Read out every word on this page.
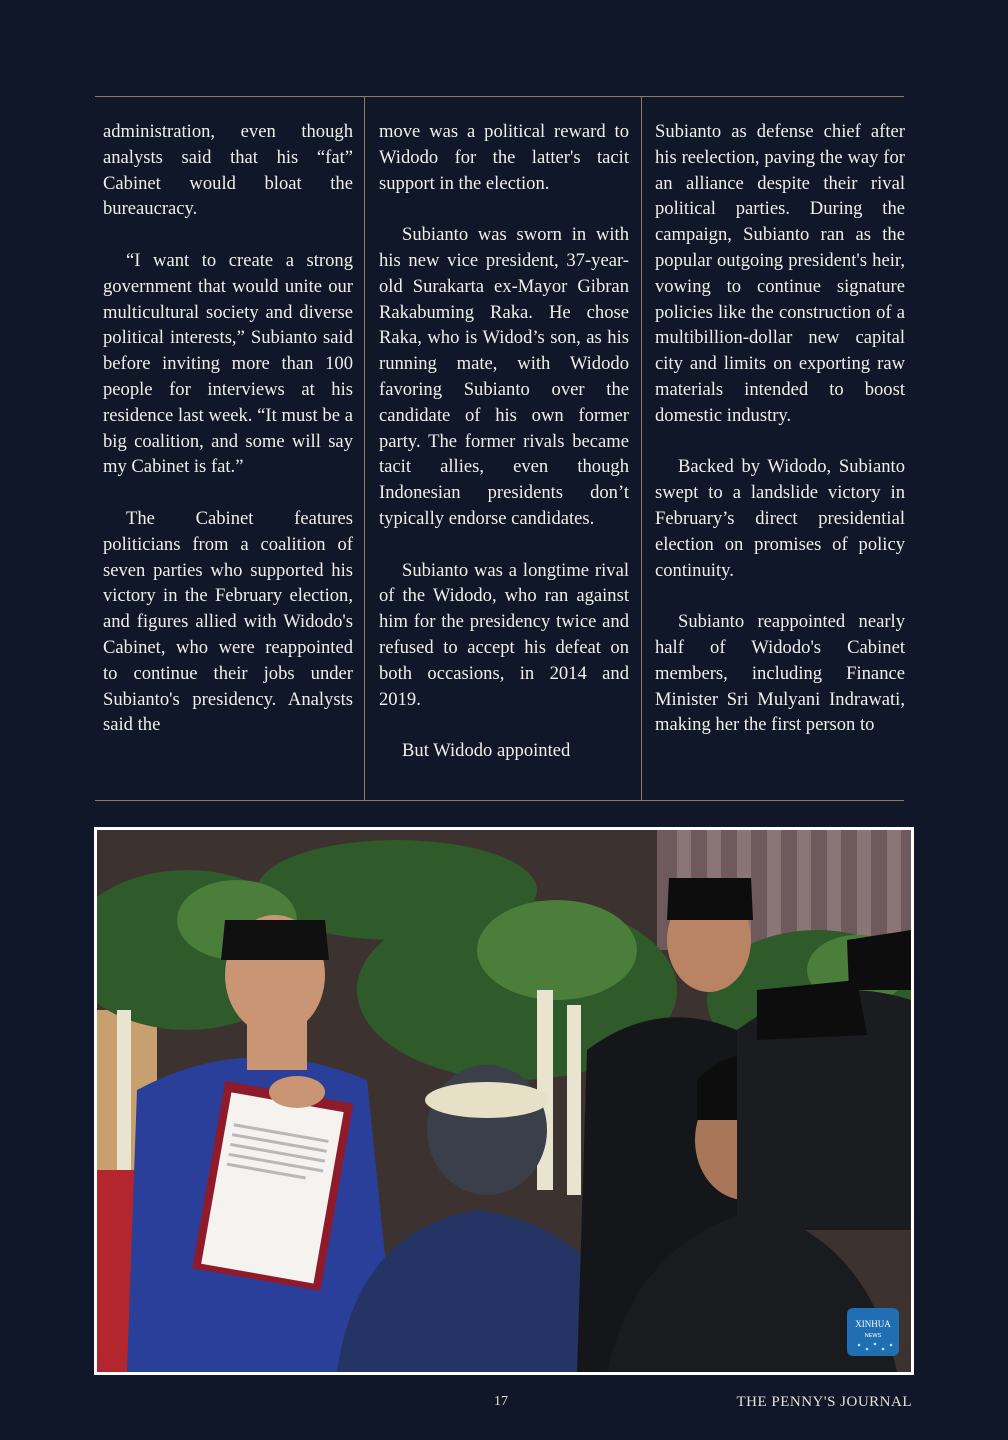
administration, even though analysts said that his “fat” Cabinet would bloat the bureaucracy.

“I want to create a strong government that would unite our multicultural society and diverse political interests,” Subianto said before inviting more than 100 people for interviews at his residence last week. “It must be a big coalition, and some will say my Cabinet is fat.”

The Cabinet features politicians from a coalition of seven parties who supported his victory in the February election, and figures allied with Widodo's Cabinet, who were reappointed to continue their jobs under Subianto's presidency. Analysts said the

move was a political reward to Widodo for the latter's tacit support in the election.

Subianto was sworn in with his new vice president, 37-year-old Surakarta ex-Mayor Gibran Rakabuming Raka. He chose Raka, who is Widod’s son, as his running mate, with Widodo favoring Subianto over the candidate of his own former party. The former rivals became tacit allies, even though Indonesian presidents don’t typically endorse candidates.

Subianto was a longtime rival of the Widodo, who ran against him for the presidency twice and refused to accept his defeat on both occasions, in 2014 and 2019.

But Widodo appointed

Subianto as defense chief after his reelection, paving the way for an alliance despite their rival political parties. During the campaign, Subianto ran as the popular outgoing president's heir, vowing to continue signature policies like the construction of a multibillion-dollar new capital city and limits on exporting raw materials intended to boost domestic industry.

Backed by Widodo, Subianto swept to a landslide victory in February’s direct presidential election on promises of policy continuity.

Subianto reappointed nearly half of Widodo's Cabinet members, including Finance Minister Sri Mulyani Indrawati, making her the first person to

XINHUA
NEWS
17	THE PENNY'S JOURNAL
